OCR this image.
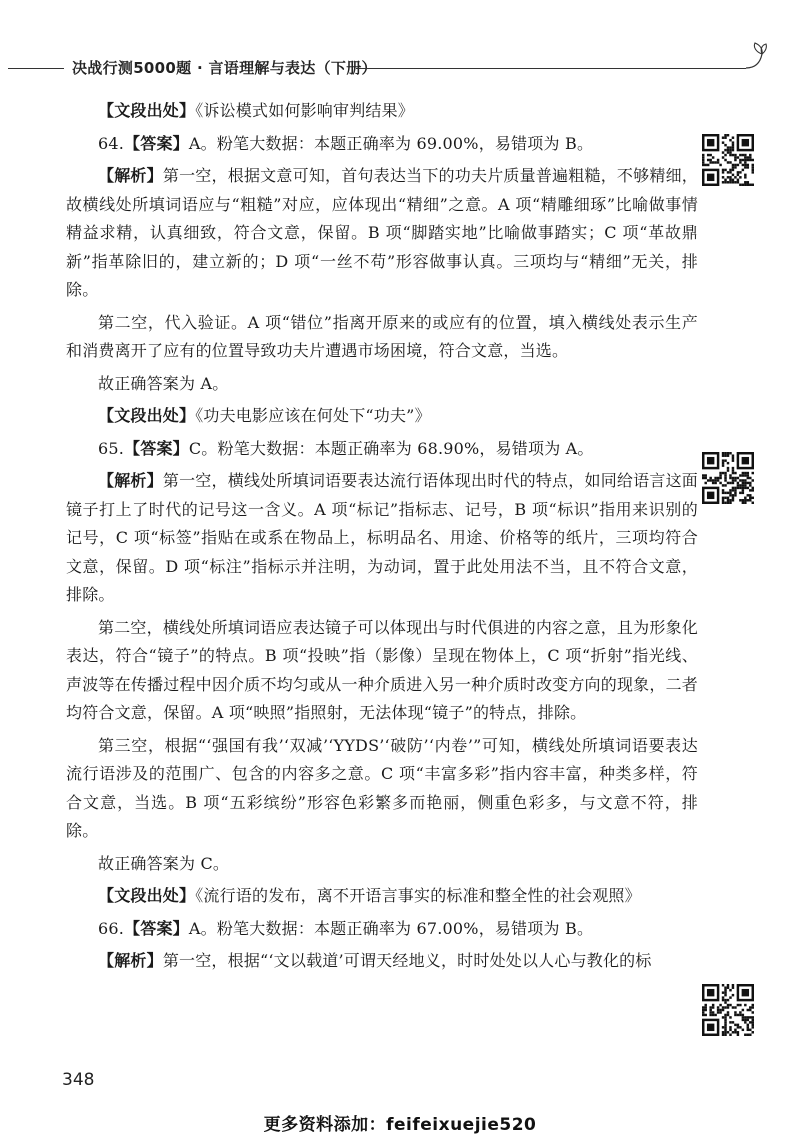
决战行测5000题 · 言语理解与表达（下册）

【文段出处】《诉讼模式如何影响审判结果》

64.【答案】A。粉笔大数据：本题正确率为 69.00%，易错项为 B。

【解析】第一空，根据文意可知，首句表达当下的功夫片质量普遍粗糙，不够精细，故横线处所填词语应与“粗糙”对应，应体现出“精细”之意。A 项“精雕细琢”比喻做事情精益求精，认真细致，符合文意，保留。B 项“脚踏实地”比喻做事踏实；C 项“革故鼎新”指革除旧的，建立新的；D 项“一丝不苟”形容做事认真。三项均与“精细”无关，排除。

第二空，代入验证。A 项“错位”指离开原来的或应有的位置，填入横线处表示生产和消费离开了应有的位置导致功夫片遭遇市场困境，符合文意，当选。

故正确答案为 A。

【文段出处】《功夫电影应该在何处下“功夫”》

65.【答案】C。粉笔大数据：本题正确率为 68.90%，易错项为 A。

【解析】第一空，横线处所填词语要表达流行语体现出时代的特点，如同给语言这面镜子打上了时代的记号这一含义。A 项“标记”指标志、记号，B 项“标识”指用来识别的记号，C 项“标签”指贴在或系在物品上，标明品名、用途、价格等的纸片，三项均符合文意，保留。D 项“标注”指标示并注明，为动词，置于此处用法不当，且不符合文意，排除。

第二空，横线处所填词语应表达镜子可以体现出与时代俱进的内容之意，且为形象化表达，符合“镜子”的特点。B 项“投映”指（影像）呈现在物体上，C 项“折射”指光线、声波等在传播过程中因介质不均匀或从一种介质进入另一种介质时改变方向的现象，二者均符合文意，保留。A 项“映照”指照射，无法体现“镜子”的特点，排除。

第三空，根据“‘强国有我’‘双减’‘YYDS’‘破防’‘内卷’”可知，横线处所填词语要表达流行语涉及的范围广、包含的内容多之意。C 项“丰富多彩”指内容丰富，种类多样，符合文意，当选。B 项“五彩缤纷”形容色彩繁多而艳丽，侧重色彩多，与文意不符，排除。

故正确答案为 C。

【文段出处】《流行语的发布，离不开语言事实的标准和整全性的社会观照》

66.【答案】A。粉笔大数据：本题正确率为 67.00%，易错项为 B。

【解析】第一空，根据“‘文以载道’可谓天经地义，时时处处以人心与教化的标

348
更多资料添加：feifeixuejie520
